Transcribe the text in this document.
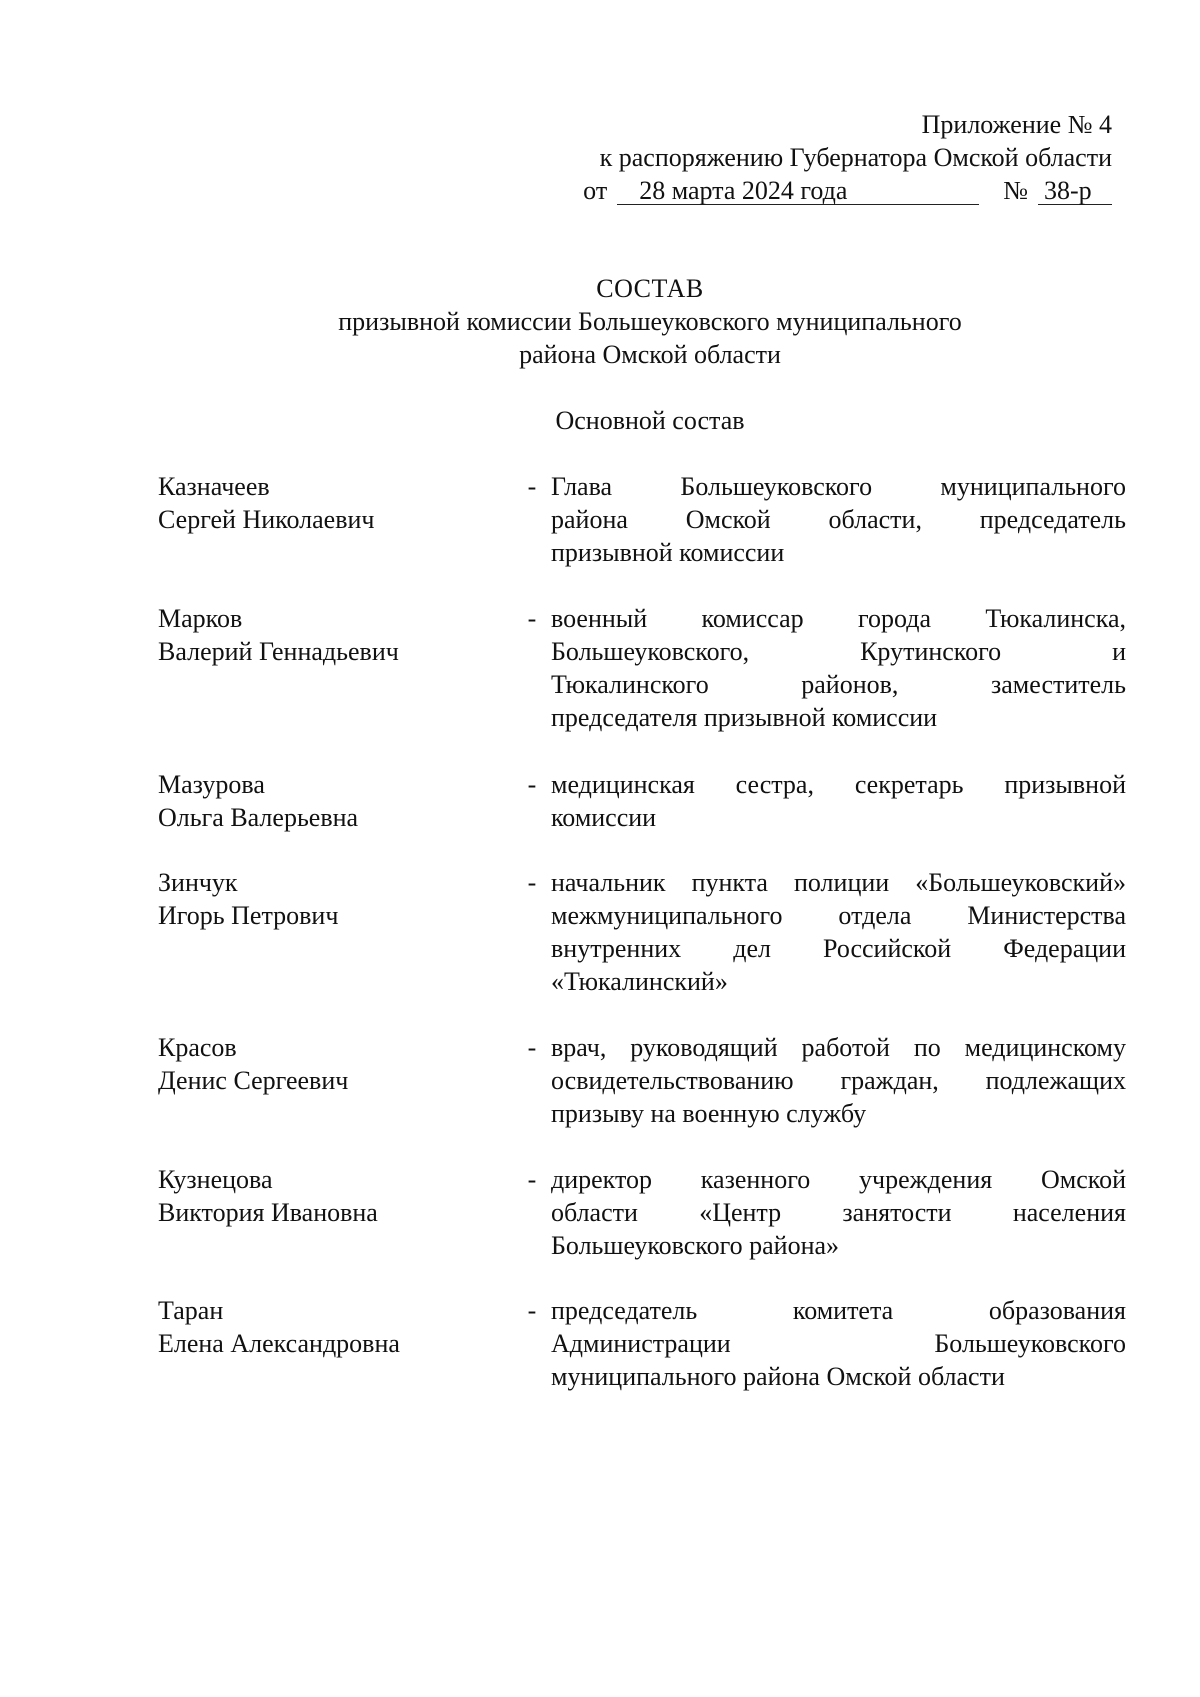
Приложение № 4
к распоряжению Губернатора Омской области
от	28 марта 2024 года	№ 38-р
СОСТАВ
призывной комиссии Большеуковского муниципального
района Омской области
Основной состав
Казначеев
Сергей Николаевич
- Глава Большеуковского муниципального
района Омской области, председатель
призывной комиссии
Марков
Валерий Геннадьевич
- военный комиссар города Тюкалинска,
Большеуковского, Крутинского и
Тюкалинского районов, заместитель
председателя призывной комиссии
Мазурова
Ольга Валерьевна
- медицинская сестра, секретарь призывной
комиссии
Зинчук
Игорь Петрович
- начальник пункта полиции «Большеуковский»
межмуниципального отдела Министерства
внутренних дел Российской Федерации
«Тюкалинский»
Красов
Денис Сергеевич
- врач, руководящий работой по медицинскому
освидетельствованию граждан, подлежащих
призыву на военную службу
Кузнецова
Виктория Ивановна
- директор казенного учреждения Омской
области «Центр занятости населения
Большеуковского района»
Таран
Елена Александровна
- председатель комитета образования
Администрации Большеуковского
муниципального района Омской области
